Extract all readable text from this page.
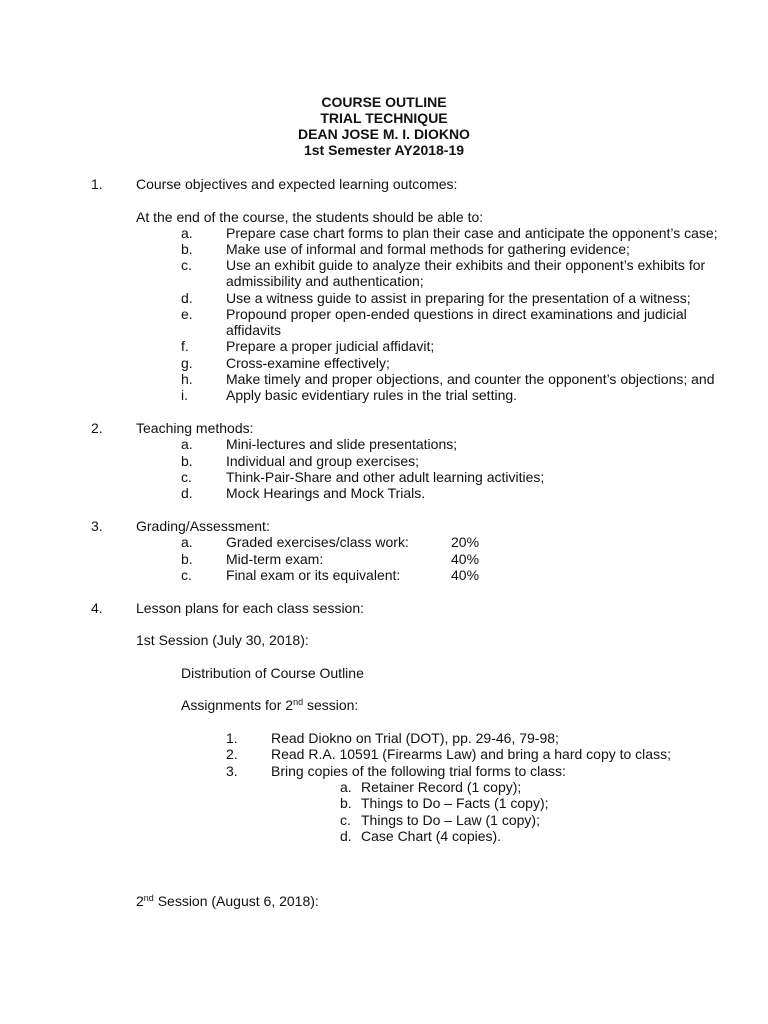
COURSE OUTLINE
TRIAL TECHNIQUE
DEAN JOSE M. I. DIOKNO
1st Semester AY2018-19
1. Course objectives and expected learning outcomes:
At the end of the course, the students should be able to:
a. Prepare case chart forms to plan their case and anticipate the opponent’s case;
b. Make use of informal and formal methods for gathering evidence;
c. Use an exhibit guide to analyze their exhibits and their opponent’s exhibits for
admissibility and authentication;
d. Use a witness guide to assist in preparing for the presentation of a witness;
e. Propound proper open-ended questions in direct examinations and judicial
affidavits
f.	Prepare a proper judicial affidavit;
g. Cross-examine effectively;
h. Make timely and proper objections, and counter the opponent’s objections; and
i.	Apply basic evidentiary rules in the trial setting.
2. Teaching methods:
a. Mini-lectures and slide presentations;
b. Individual and group exercises;
c. Think-Pair-Share and other adult learning activities;
d. Mock Hearings and Mock Trials.
3. Grading/Assessment:
a. Graded exercises/class work:	20%
b. Mid-term exam:	40%
c. Final exam or its equivalent:	40%
4. Lesson plans for each class session:
1st Session (July 30, 2018):
Distribution of Course Outline
Assignments for 2nd session:
1. Read Diokno on Trial (DOT), pp. 29-46, 79-98;
2. Read R.A. 10591 (Firearms Law) and bring a hard copy to class;
3. Bring copies of the following trial forms to class:
a. Retainer Record (1 copy);
b. Things to Do – Facts (1 copy);
c. Things to Do – Law (1 copy);
d. Case Chart (4 copies).
2nd Session (August 6, 2018):
